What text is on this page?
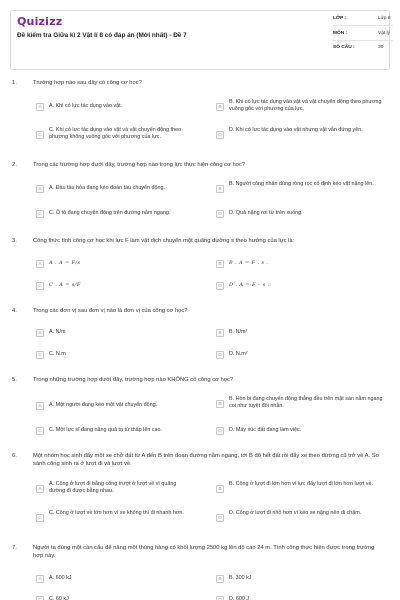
Quizizz
Đề kiểm tra Giữa kì 2 Vật lí 8 có đáp án (Mới nhất) - Đề 7
LỚP :	Lớp 8
MÔN :	Vật lý
SỐ CÂU :	30
1.	Trường hợp nào sau đây có công cơ học?
A	A. Khi có lực tác dụng vào vật.	B
B. Khi có lực tác dụng vào vật và vật chuyển động theo phương vuông góc với phương của lực.
C
C. Khi có lực tác dụng vào vật và vật chuyển động theo phương không vuông góc với phương của lực.	D
D. Khi có lực tác dụng vào vật nhưng vật vẫn đứng yên.
2.	Trong các trường hợp dưới đây, trường hợp nào trọng lực thực hiện công cơ học?
A	A. Đầu tàu hỏa đang kéo đoàn tàu chuyển động.	B
B. Người công nhân dùng ròng rọc cố định kéo vật nặng lên.
C	C. Ô tô đang chuyển động trên đường nằm ngang.	D	D. Quả nặng rơi từ trên xuống.
3.	Công thức tính công cơ học khi lực F làm vật dịch chuyển một quãng đường s theo hướng của lực là:
A	A . A = F/s	B	B . A = F . s .
C	C . A = s/F	D	D . A = F – s .
4.	Trong các đơn vị sau đơn vị nào là đơn vị của công cơ học?
A	A. N/m	B	B. N/m²
C	C. N.m	D	D. N.m²
5.	Trong những trường hợp dưới đây, trường hợp nào KHÔNG có công cơ học?
A	A. Một người đang kéo một vật chuyển động.	B
B. Hòn bi đang chuyển động thẳng đều trên mặt sàn nằm ngang coi như tuyệt đối nhẵn.
C	C. Một lực sĩ đang nâng quả tạ từ thấp lên cao.	D	D. Máy xúc đất đang làm việc.
6.	Một nhóm học sinh đẩy một xe chở đất từ A đến B trên đoạn đường nằm ngang, tới B đổ hết đất rồi đẩy xe theo đường cũ trở về A. So sánh công sinh ra ở lượt đi và lượt về.
A
A. Công ở lượt đi bằng công trượt ở lượt về vì quãng đường đi được bằng nhau.	B
B. Công ở lượt đi lớn hơn vì lực đẩy lượt đi lớn hơn lượt về.
C
C. Công ở lượt về lớn hơn vì xe không thì đi nhanh hơn.
D
D. Công ở lượt đi nhỏ hơn vì kéo xe nặng nên đi chậm.
7.	Người ta dùng một cần cẩu để nâng một thùng hàng có khối lượng 2500 kg lên độ cao 24 m. Tính công thực hiện được trong trường hợp này.
A	A. 600 kJ	B	B. 300 kJ
C	C. 60 kJ	D	D. 600 J
